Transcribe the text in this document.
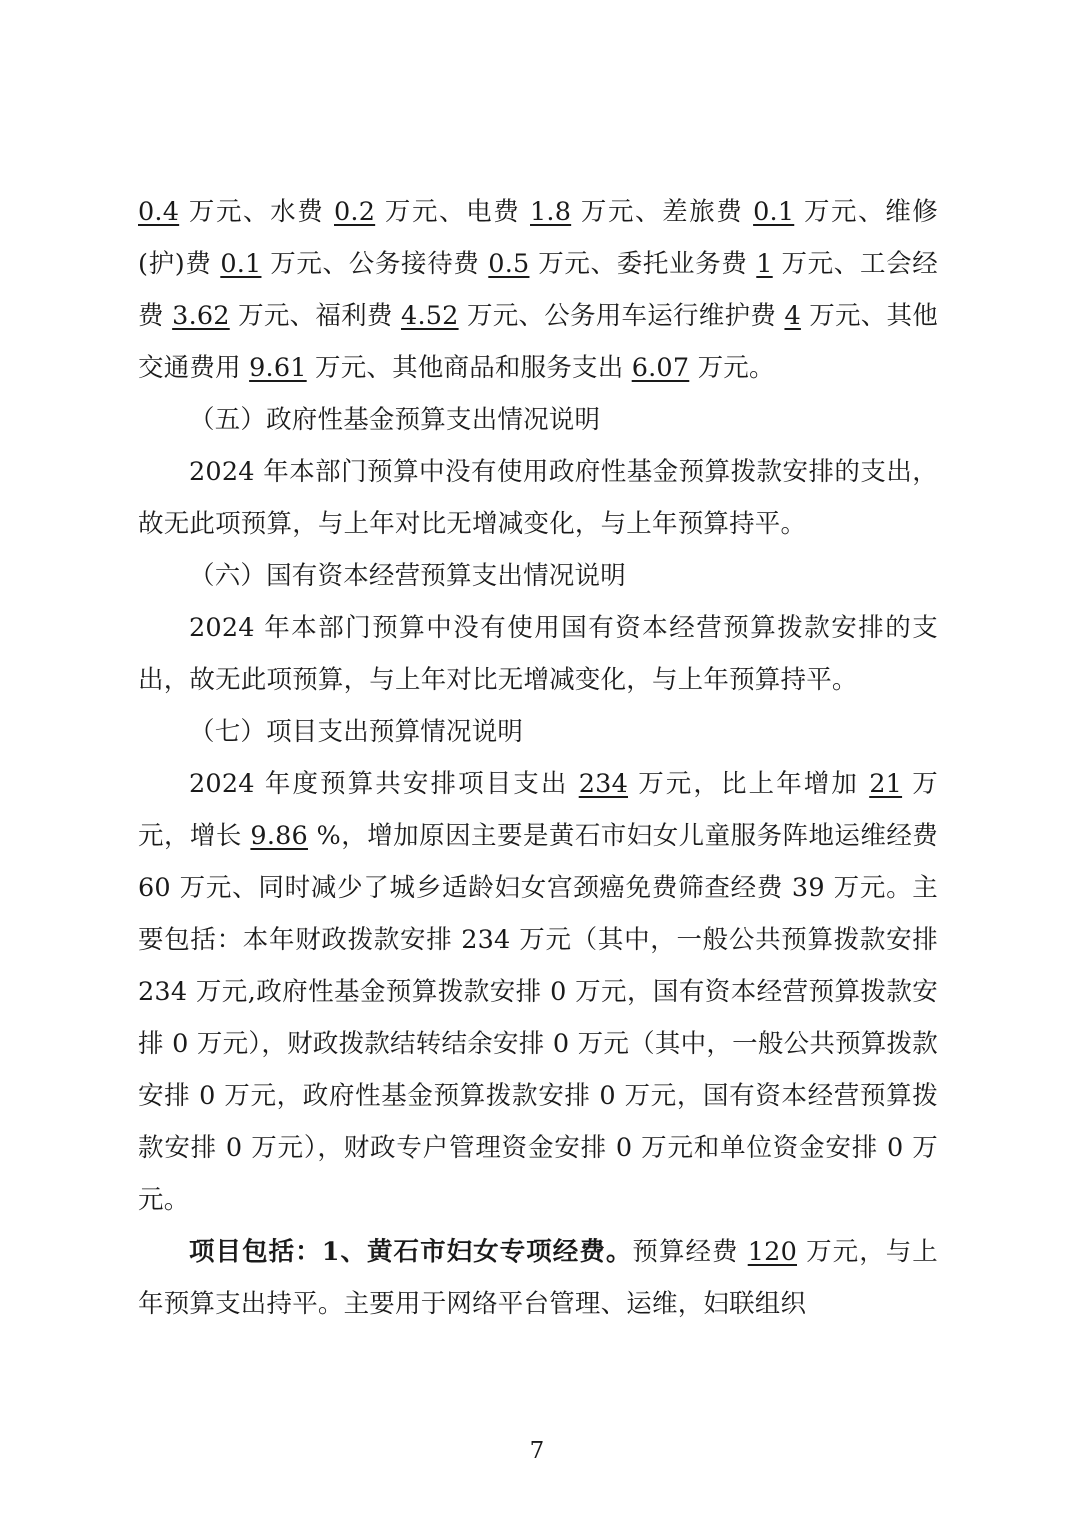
0.4 万元、水费 0.2 万元、电费 1.8 万元、差旅费 0.1 万元、维修(护)费 0.1 万元、公务接待费 0.5 万元、委托业务费 1 万元、工会经费 3.62 万元、福利费 4.52 万元、公务用车运行维护费 4 万元、其他交通费用 9.61 万元、其他商品和服务支出 6.07 万元。
（五）政府性基金预算支出情况说明
2024 年本部门预算中没有使用政府性基金预算拨款安排的支出，故无此项预算，与上年对比无增减变化，与上年预算持平。
（六）国有资本经营预算支出情况说明
2024 年本部门预算中没有使用国有资本经营预算拨款安排的支出，故无此项预算，与上年对比无增减变化，与上年预算持平。
（七）项目支出预算情况说明
2024 年度预算共安排项目支出 234 万元，比上年增加 21 万元，增长 9.86 %，增加原因主要是黄石市妇女儿童服务阵地运维经费 60 万元、同时减少了城乡适龄妇女宫颈癌免费筛查经费 39 万元。主要包括：本年财政拨款安排 234 万元（其中，一般公共预算拨款安排 234 万元,政府性基金预算拨款安排 0 万元，国有资本经营预算拨款安排 0 万元），财政拨款结转结余安排 0 万元（其中，一般公共预算拨款安排 0 万元，政府性基金预算拨款安排 0 万元，国有资本经营预算拨款安排 0 万元），财政专户管理资金安排 0 万元和单位资金安排 0 万元。
项目包括：1、黄石市妇女专项经费。预算经费 120 万元，与上年预算支出持平。主要用于网络平台管理、运维，妇联组织
7
